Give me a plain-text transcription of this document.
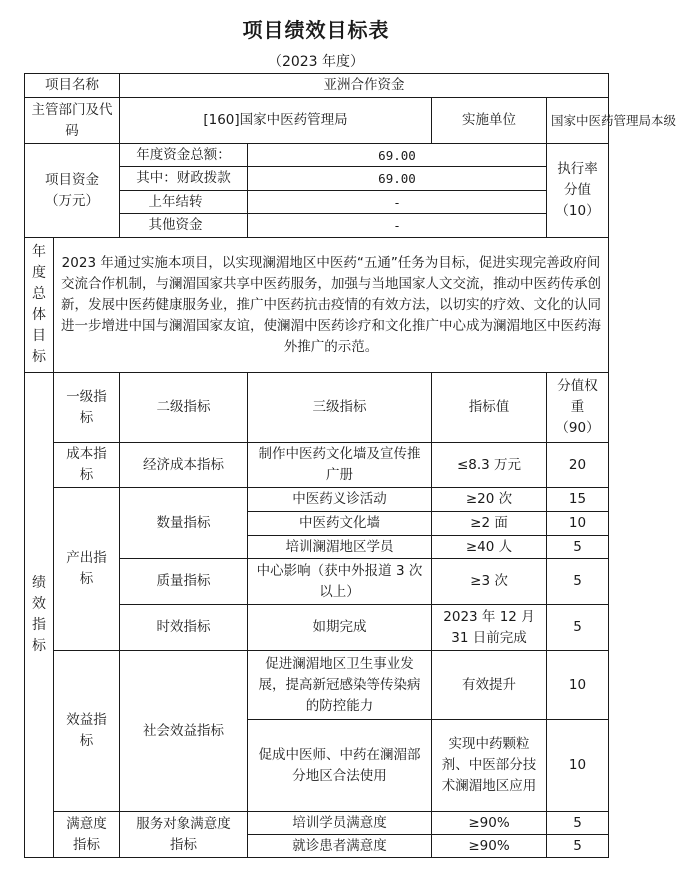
项目绩效目标表
（2023 年度）
项目名称		亚洲合作资金			
主管部门及代码		[160]国家中医药管理局		实施单位	国家中医药管理局本级
项目资金（万元）		年度资金总额：	69.00		执行率分值（10）
		其中：财政拨款	69.00		
		上年结转	-		
		其他资金	-		

年度总体目标	2023 年通过实施本项目，以实现澜湄地区中医药“五通”任务为目标，促进实现完善政府间交流合作机制，与澜湄国家共享中医药服务，加强与当地国家人文交流，推动中医药传承创新，发展中医药健康服务业，推广中医药抗击疫情的有效方法，以切实的疗效、文化的认同进一步增进中国与澜湄国家友谊，使澜湄中医药诊疗和文化推广中心成为澜湄地区中医药海外推广的示范。				

绩效指标	一级指标	二级指标	三级指标	指标值	分值权重（90）
	成本指标	经济成本指标	制作中医药文化墙及宣传推广册	≤8.3 万元	20
	产出指标	数量指标	中医药义诊活动	≥20 次	15
			中医药文化墙	≥2 面	10
			培训澜湄地区学员	≥40 人	5
		质量指标	中心影响（获中外报道 3 次以上）	≥3 次	5
		时效指标	如期完成	2023 年 12 月 31 日前完成	5
	效益指标	社会效益指标	促进澜湄地区卫生事业发展，提高新冠感染等传染病的防控能力	有效提升	10
			促成中医师、中药在澜湄部分地区合法使用	实现中药颗粒剂、中医部分技术澜湄地区应用	10
	满意度指标	服务对象满意度指标	培训学员满意度	≥90%	5
			就诊患者满意度	≥90%	5
